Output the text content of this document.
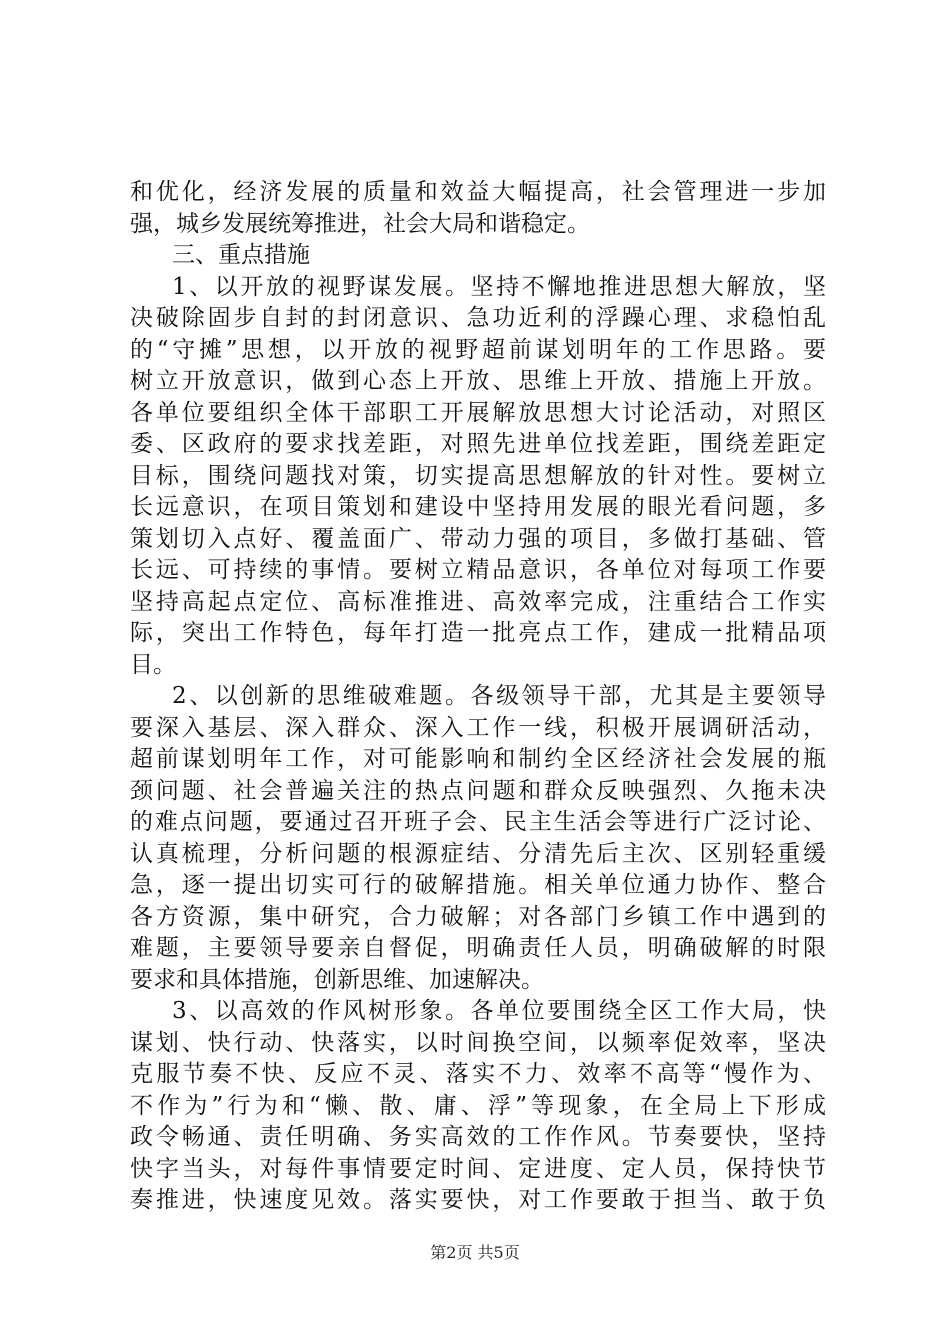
和优化，经济发展的质量和效益大幅提高，社会管理进一步加
强，城乡发展统筹推进，社会大局和谐稳定。
三、重点措施
1、以开放的视野谋发展。坚持不懈地推进思想大解放，坚
决破除固步自封的封闭意识、急功近利的浮躁心理、求稳怕乱
的“守摊”思想，以开放的视野超前谋划明年的工作思路。要
树立开放意识，做到心态上开放、思维上开放、措施上开放。
各单位要组织全体干部职工开展解放思想大讨论活动，对照区
委、区政府的要求找差距，对照先进单位找差距，围绕差距定
目标，围绕问题找对策，切实提高思想解放的针对性。要树立
长远意识，在项目策划和建设中坚持用发展的眼光看问题，多
策划切入点好、覆盖面广、带动力强的项目，多做打基础、管
长远、可持续的事情。要树立精品意识，各单位对每项工作要
坚持高起点定位、高标准推进、高效率完成，注重结合工作实
际，突出工作特色，每年打造一批亮点工作，建成一批精品项
目。
2、以创新的思维破难题。各级领导干部，尤其是主要领导
要深入基层、深入群众、深入工作一线，积极开展调研活动，
超前谋划明年工作，对可能影响和制约全区经济社会发展的瓶
颈问题、社会普遍关注的热点问题和群众反映强烈、久拖未决
的难点问题，要通过召开班子会、民主生活会等进行广泛讨论、
认真梳理，分析问题的根源症结、分清先后主次、区别轻重缓
急，逐一提出切实可行的破解措施。相关单位通力协作、整合
各方资源，集中研究，合力破解；对各部门乡镇工作中遇到的
难题，主要领导要亲自督促，明确责任人员，明确破解的时限
要求和具体措施，创新思维、加速解决。
3、以高效的作风树形象。各单位要围绕全区工作大局，快
谋划、快行动、快落实，以时间换空间，以频率促效率，坚决
克服节奏不快、反应不灵、落实不力、效率不高等“慢作为、
不作为”行为和“懒、散、庸、浮”等现象，在全局上下形成
政令畅通、责任明确、务实高效的工作作风。节奏要快，坚持
快字当头，对每件事情要定时间、定进度、定人员，保持快节
奏推进，快速度见效。落实要快，对工作要敢于担当、敢于负
第2页 共5页
